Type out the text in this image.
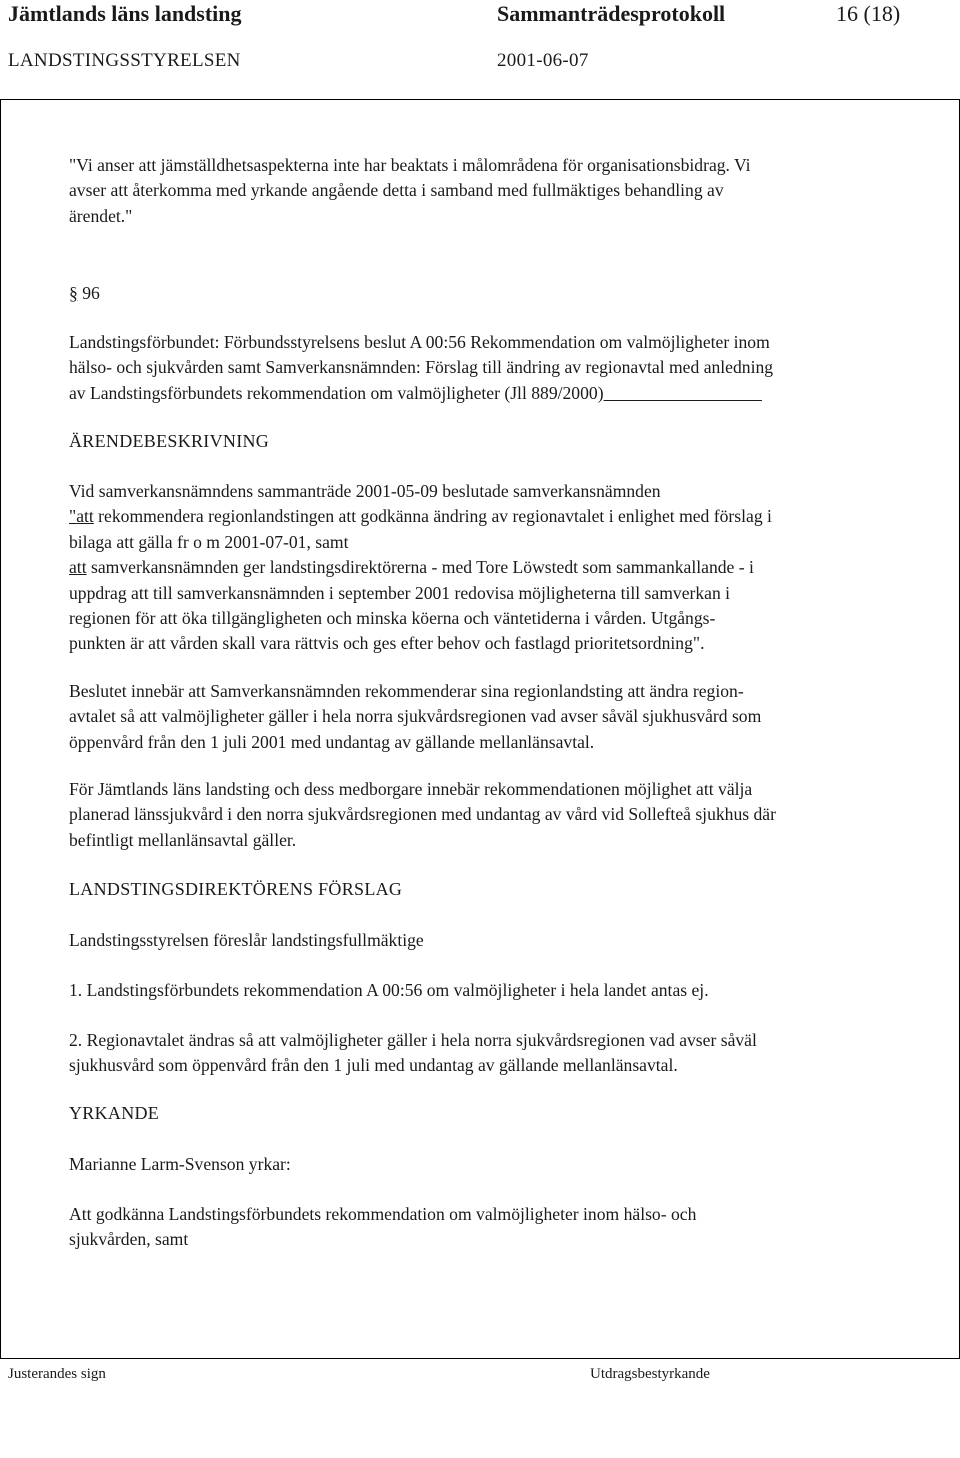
Jämtlands läns landsting	Sammanträdesprotokoll	16 (18)
LANDSTINGSSTYRELSEN	2001-06-07
"Vi anser att jämställdhetsaspekterna inte har beaktats i målområdena för organisationsbidrag. Vi
avser att återkomma med yrkande angående detta i samband med fullmäktiges behandling av
ärendet."
§ 96
Landstingsförbundet: Förbundsstyrelsens beslut A 00:56 Rekommendation om valmöjligheter inom
hälso- och sjukvården samt Samverkansnämnden: Förslag till ändring av regionavtal med anledning
av Landstingsförbundets rekommendation om valmöjligheter (Jll 889/2000)
ÄRENDEBESKRIVNING
Vid samverkansnämndens sammanträde 2001-05-09 beslutade samverkansnämnden
"att rekommendera regionlandstingen att godkänna ändring av regionavtalet i enlighet med förslag i
bilaga att gälla fr o m 2001-07-01, samt
att samverkansnämnden ger landstingsdirektörerna - med Tore Löwstedt som sammankallande - i
uppdrag att till samverkansnämnden i september 2001 redovisa möjligheterna till samverkan i
regionen för att öka tillgängligheten och minska köerna och väntetiderna i vården. Utgångs-
punkten är att vården skall vara rättvis och ges efter behov och fastlagd prioritetsordning".
Beslutet innebär att Samverkansnämnden rekommenderar sina regionlandsting att ändra region-
avtalet så att valmöjligheter gäller i hela norra sjukvårdsregionen vad avser såväl sjukhusvård som
öppenvård från den 1 juli 2001 med undantag av gällande mellanlänsavtal.
För Jämtlands läns landsting och dess medborgare innebär rekommendationen möjlighet att välja
planerad länssjukvård i den norra sjukvårdsregionen med undantag av vård vid Sollefteå sjukhus där
befintligt mellanlänsavtal gäller.
LANDSTINGSDIREKTÖRENS FÖRSLAG
Landstingsstyrelsen föreslår landstingsfullmäktige
1. Landstingsförbundets rekommendation A 00:56 om valmöjligheter i hela landet antas ej.
2. Regionavtalet ändras så att valmöjligheter gäller i hela norra sjukvårdsregionen vad avser såväl
sjukhusvård som öppenvård från den 1 juli med undantag av gällande mellanlänsavtal.
YRKANDE
Marianne Larm-Svenson yrkar:
Att godkänna Landstingsförbundets rekommendation om valmöjligheter inom hälso- och
sjukvården, samt
Justerandes sign	Utdragsbestyrkande
